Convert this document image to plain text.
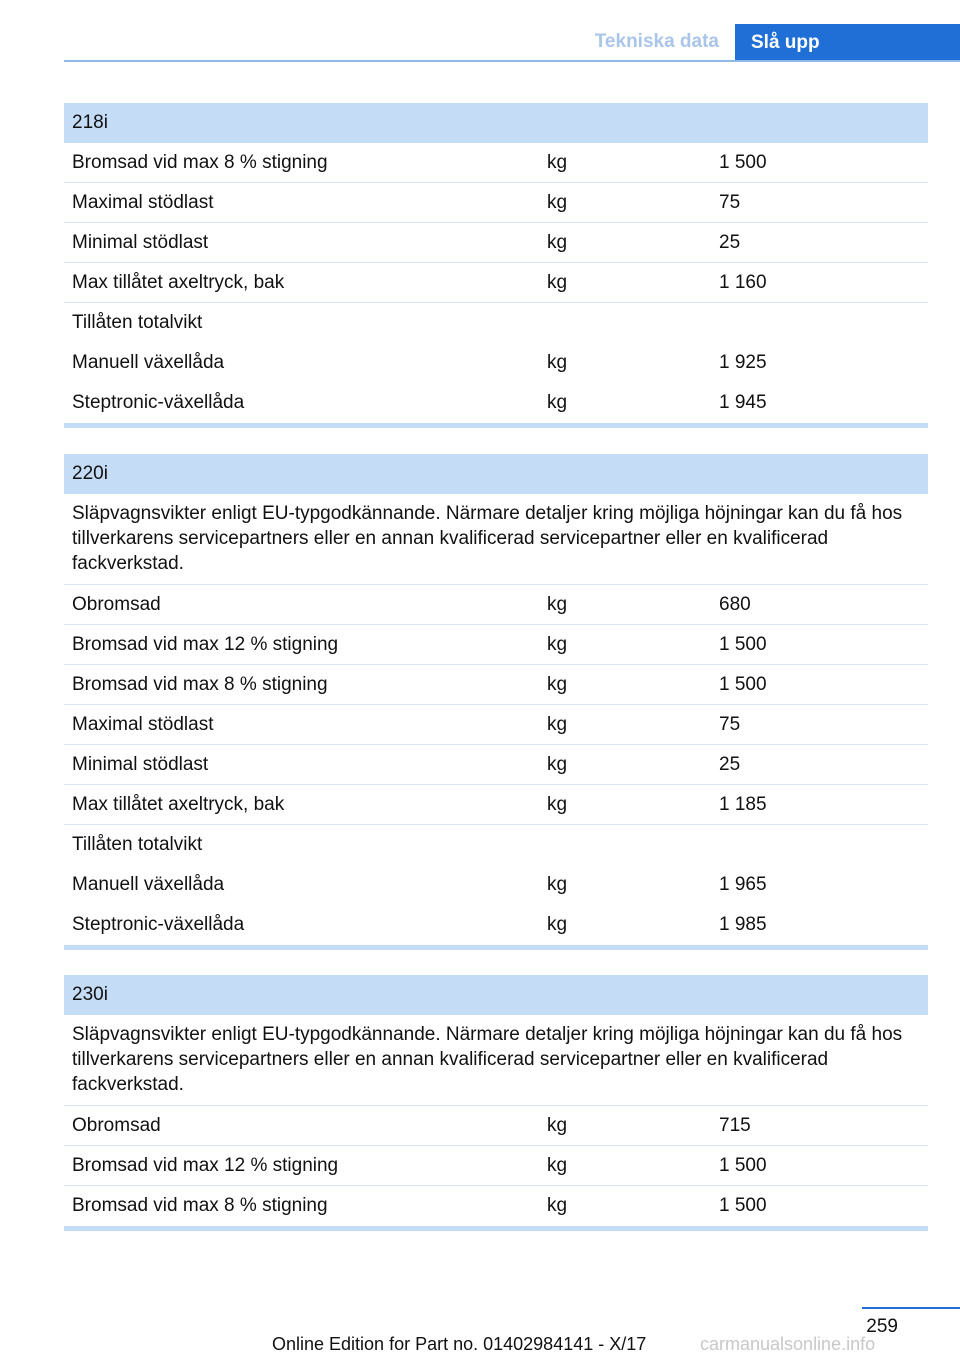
Tekniska data	Slå upp
218i
Bromsad vid max 8 % stigning	kg	1 500
Maximal stödlast	kg	75
Minimal stödlast	kg	25
Max tillåtet axeltryck, bak	kg	1 160
Tillåten totalvikt
Manuell växellåda	kg	1 925
Steptronic-växellåda	kg	1 945
220i
Släpvagnsvikter enligt EU-typgodkännande. Närmare detaljer kring möjliga höjningar kan du få hos tillverkarens servicepartners eller en annan kvalificerad servicepartner eller en kvalificerad fackverkstad.
Obromsad	kg	680
Bromsad vid max 12 % stigning	kg	1 500
Bromsad vid max 8 % stigning	kg	1 500
Maximal stödlast	kg	75
Minimal stödlast	kg	25
Max tillåtet axeltryck, bak	kg	1 185
Tillåten totalvikt
Manuell växellåda	kg	1 965
Steptronic-växellåda	kg	1 985
230i
Släpvagnsvikter enligt EU-typgodkännande. Närmare detaljer kring möjliga höjningar kan du få hos tillverkarens servicepartners eller en annan kvalificerad servicepartner eller en kvalificerad fackverkstad.
Obromsad	kg	715
Bromsad vid max 12 % stigning	kg	1 500
Bromsad vid max 8 % stigning	kg	1 500
259
Online Edition for Part no. 01402984141 - X/17	carmanualsonline.info
